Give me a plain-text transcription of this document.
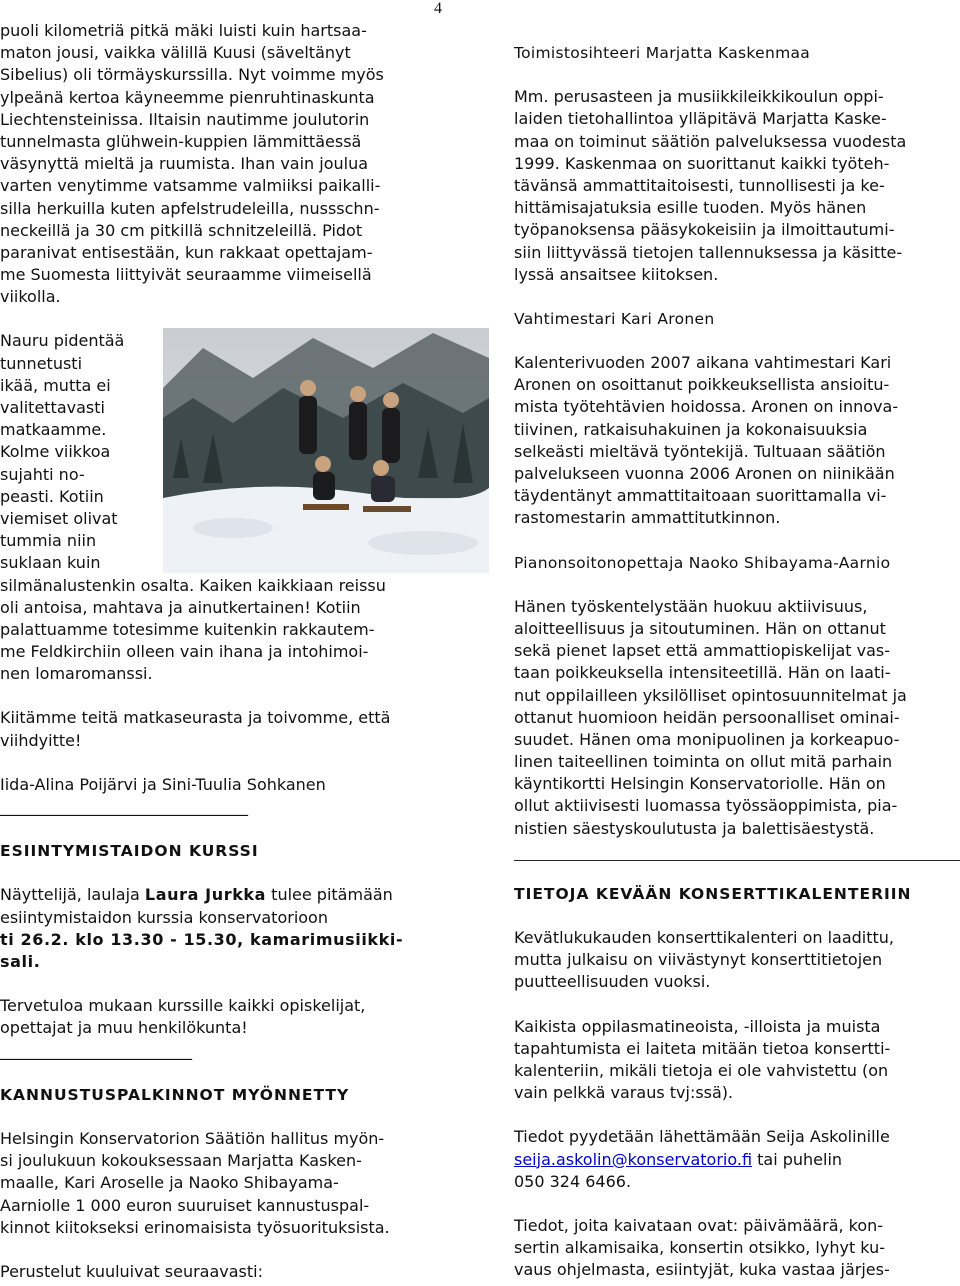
4
puoli kilometriä pitkä mäki luisti kuin hartsaa-
maton jousi, vaikka välillä Kuusi (säveltänyt
Sibelius) oli törmäyskurssilla. Nyt voimme myös
ylpeänä kertoa käyneemme pienruhtinaskunta
Liechtensteinissa. Iltaisin nautimme joulutorin
tunnelmasta glühwein-kuppien lämmittäessä
väsynyttä mieltä ja ruumista. Ihan vain joulua
varten venytimme vatsamme valmiiksi paikalli-
silla herkuilla kuten apfelstrudeleilla, nussschn-
neckeillä ja 30 cm pitkillä schnitzeleillä. Pidot
paranivat entisestään, kun rakkaat opettajam-
me Suomesta liittyivät seuraamme viimeisellä
viikolla.
Nauru pidentää
tunnetusti
ikää, mutta ei
valitettavasti
matkaamme.
Kolme viikkoa
sujahti no-
peasti. Kotiin
viemiset olivat
tummia niin
suklaan kuin
silmänalustenkin osalta. Kaiken kaikkiaan reissu
oli antoisa, mahtava ja ainutkertainen! Kotiin
palattuamme totesimme kuitenkin rakkautem-
me Feldkirchiin olleen vain ihana ja intohimoi-
nen lomaromanssi.
Kiitämme teitä matkaseurasta ja toivomme, että
viihdyitte!
Iida-Alina Poijärvi ja Sini-Tuulia Sohkanen
_______________________________
ESIINTYMISTAIDON KURSSI
Näyttelijä, laulaja Laura Jurkka tulee pitämään
esiintymistaidon kurssia konservatorioon
ti 26.2. klo 13.30 - 15.30, kamarimusiikki-
sali.
Tervetuloa mukaan kurssille kaikki opiskelijat,
opettajat ja muu henkilökunta!
________________________
KANNUSTUSPALKINNOT MYÖNNETTY
Helsingin Konservatorion Säätiön hallitus myön-
si joulukuun kokouksessaan Marjatta Kasken-
maalle, Kari Aroselle ja Naoko Shibayama-
Aarniolle 1 000 euron suuruiset kannustuspal-
kinnot kiitokseksi erinomaisista työsuorituksista.
Perustelut kuuluivat seuraavasti:
Toimistosihteeri Marjatta Kaskenmaa
Mm. perusasteen ja musiikkileikkikoulun oppi-
laiden tietohallintoa ylläpitävä Marjatta Kaske-
maa on toiminut säätiön palveluksessa vuodesta
1999. Kaskenmaa on suorittanut kaikki työteh-
tävänsä ammattitaitoisesti, tunnollisesti ja ke-
hittämisajatuksia esille tuoden. Myös hänen
työpanoksensa pääsykokeisiin ja ilmoittautumi-
siin liittyvässä tietojen tallennuksessa ja käsitte-
lyssä ansaitsee kiitoksen.
Vahtimestari Kari Aronen
Kalenterivuoden 2007 aikana vahtimestari Kari
Aronen on osoittanut poikkeuksellista ansioitu-
mista työtehtävien hoidossa. Aronen on innova-
tiivinen, ratkaisuhakuinen ja kokonaisuuksia
selkeästi mieltävä työntekijä. Tultuaan säätiön
palvelukseen vuonna 2006 Aronen on niinikään
täydentänyt ammattitaitoaan suorittamalla vi-
rastomestarin ammattitutkinnon.
Pianonsoitonopettaja Naoko Shibayama-Aarnio
Hänen työskentelystään huokuu aktiivisuus,
aloitteellisuus ja sitoutuminen. Hän on ottanut
sekä pienet lapset että ammattiopiskelijat vas-
taan poikkeuksella intensiteetillä. Hän on laati-
nut oppilailleen yksilölliset opintosuunnitelmat ja
ottanut huomioon heidän persoonalliset ominai-
suudet. Hänen oma monipuolinen ja korkeapuo-
linen taiteellinen toiminta on ollut mitä parhain
käyntikortti Helsingin Konservatoriolle. Hän on
ollut aktiivisesti luomassa työssäoppimista, pia-
nistien säestyskoulutusta ja balettisäestystä.
TIETOJA KEVÄÄN KONSERTTIKALENTERIIN
Kevätlukukauden konserttikalenteri on laadittu,
mutta julkaisu on viivästynyt konserttitietojen
puutteellisuuden vuoksi.
Kaikista oppilasmatineoista, -illoista ja muista
tapahtumista ei laiteta mitään tietoa konsertti-
kalenteriin, mikäli tietoja ei ole vahvistettu (on
vain pelkkä varaus tvj:ssä).
Tiedot pyydetään lähettämään Seija Askolinille
seija.askolin@konservatorio.fi tai puhelin
050 324 6466.
Tiedot, joita kaivataan ovat: päivämäärä, kon-
sertin alkamisaika, konsertin otsikko, lyhyt ku-
vaus ohjelmasta, esiintyjät, kuka vastaa järjes-
